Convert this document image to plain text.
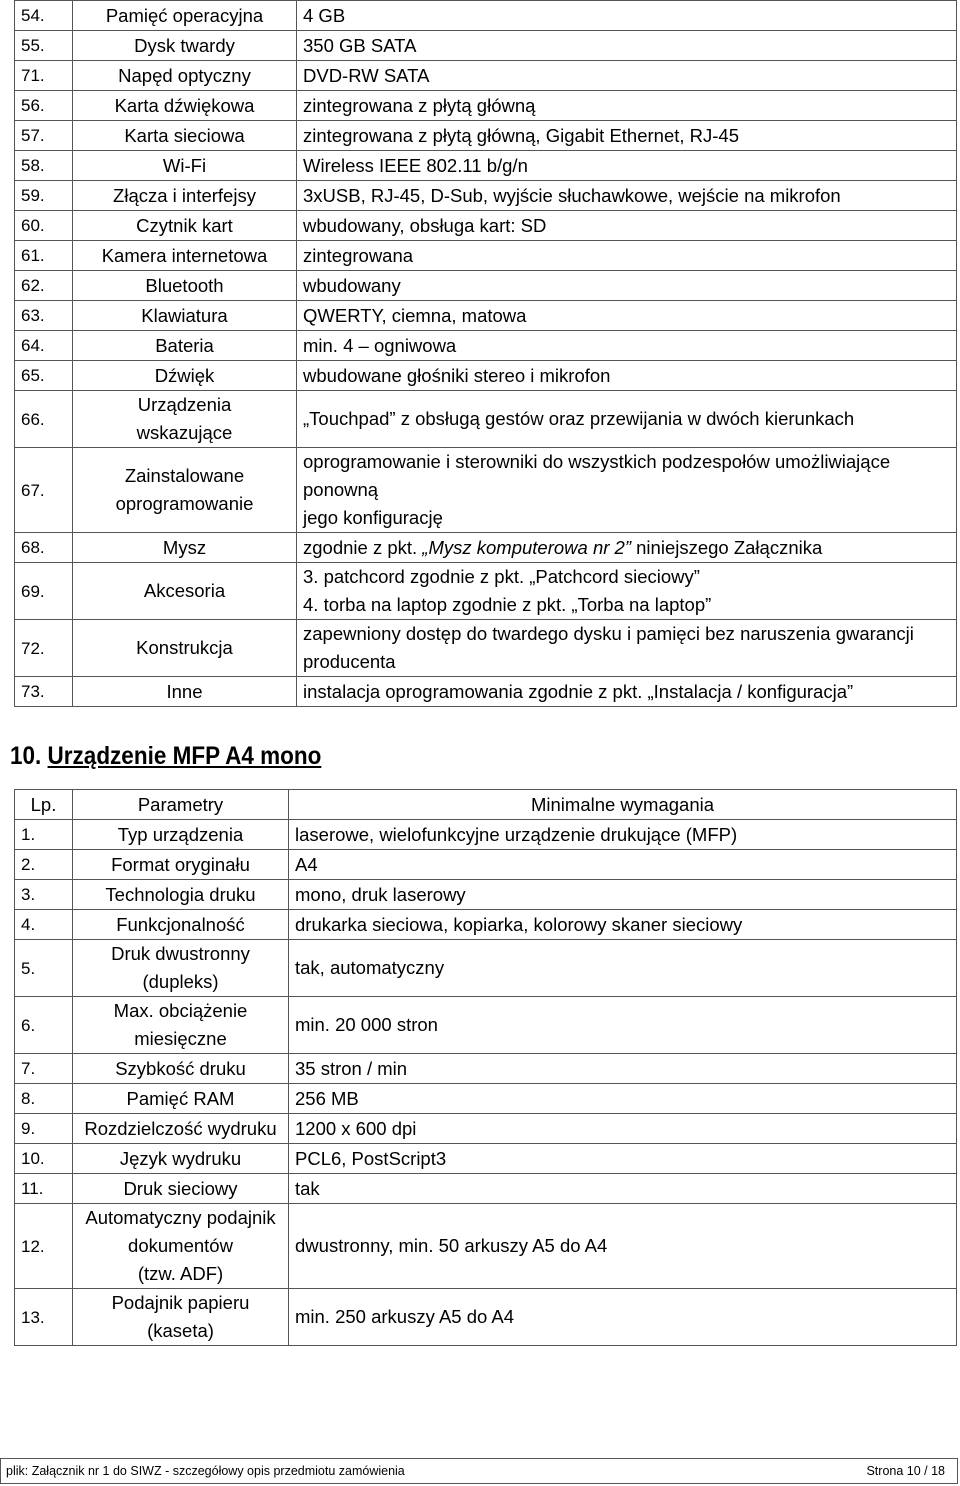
54.	Pamięć operacyjna	4 GB

55.	Dysk twardy	350 GB SATA

71.	Napęd optyczny	DVD-RW SATA

56.	Karta dźwiękowa	zintegrowana z płytą główną

57.	Karta sieciowa	zintegrowana z płytą główną, Gigabit Ethernet, RJ-45

58.	Wi-Fi	Wireless IEEE 802.11 b/g/n

59.	Złącza i interfejsy	3xUSB, RJ-45, D-Sub, wyjście słuchawkowe, wejście na mikrofon

60.	Czytnik kart	wbudowany, obsługa kart: SD

61.	Kamera internetowa	zintegrowana

62.	Bluetooth	wbudowany

63.	Klawiatura	QWERTY, ciemna, matowa

64.	Bateria	min. 4 – ogniwowa

65.	Dźwięk	wbudowane głośniki stereo i mikrofon

66.	Urządzenia
wskazujące	„Touchpad” z obsługą gestów oraz przewijania w dwóch kierunkach

67.	Zainstalowane
oprogramowanie	oprogramowanie i sterowniki do wszystkich podzespołów umożliwiające ponowną
jego konfigurację

68.	Mysz	zgodnie z pkt. „Mysz komputerowa nr 2” niniejszego Załącznika
69.	Akcesoria	3. patchcord zgodnie z pkt. „Patchcord sieciowy”
4. torba na laptop zgodnie z pkt. „Torba na laptop”

72.	Konstrukcja	zapewniony dostęp do twardego dysku i pamięci bez naruszenia gwarancji
producenta

73.	Inne	instalacja oprogramowania zgodnie z pkt. „Instalacja / konfiguracja”
10. Urządzenie MFP A4 mono
Lp.	Parametry	Minimalne wymagania
1.	Typ urządzenia	laserowe, wielofunkcyjne urządzenie drukujące (MFP)

2.	Format oryginału	A4

3.	Technologia druku	mono, druk laserowy

4.	Funkcjonalność	drukarka sieciowa, kopiarka, kolorowy skaner sieciowy

5.	Druk dwustronny
(dupleks)	tak, automatyczny

6.	Max. obciążenie
miesięczne	min. 20 000 stron

7.	Szybkość druku	35 stron / min

8.	Pamięć RAM	256 MB

9.	Rozdzielczość wydruku	1200 x 600 dpi

10.	Język wydruku	PCL6, PostScript3

11.	Druk sieciowy	tak

12.	Automatyczny podajnik
dokumentów
(tzw. ADF)	dwustronny, min. 50 arkuszy A5 do A4

13.	Podajnik papieru
(kaseta)	min. 250 arkuszy A5 do A4
plik: Załącznik nr 1 do SIWZ - szczegółowy opis przedmiotu zamówienia	Strona 10 / 18
